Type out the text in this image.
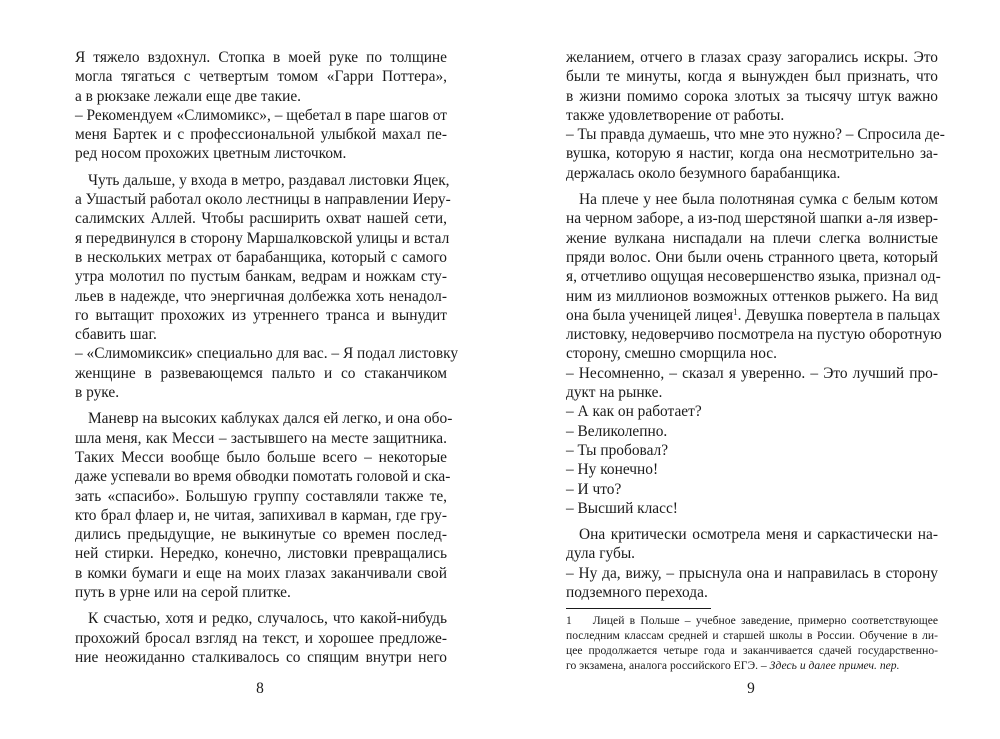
Я тяжело вздохнул. Стопка в моей руке по толщине
могла тягаться с четвертым томом «Гарри Поттера»,
а в рюкзаке лежали еще две такие.
– Рекомендуем «Слимомикс», – щебетал в паре шагов от
меня Бартек и с профессиональной улыбкой махал пе-
ред носом прохожих цветным листочком.
Чуть дальше, у входа в метро, раздавал листовки Яцек,
а Ушастый работал около лестницы в направлении Иеру-
салимских Аллей. Чтобы расширить охват нашей сети,
я передвинулся в сторону Маршалковской улицы и встал
в нескольких метрах от барабанщика, который с самого
утра молотил по пустым банкам, ведрам и ножкам сту-
льев в надежде, что энергичная долбежка хоть ненадол-
го вытащит прохожих из утреннего транса и вынудит
сбавить шаг.
– «Слимомиксик» специально для вас. – Я подал листовку
женщине в развевающемся пальто и со стаканчиком
в руке.
Маневр на высоких каблуках дался ей легко, и она обо-
шла меня, как Месси – застывшего на месте защитника.
Таких Месси вообще было больше всего – некоторые
даже успевали во время обводки помотать головой и ска-
зать «спасибо». Большую группу составляли также те,
кто брал флаер и, не читая, запихивал в карман, где гру-
дились предыдущие, не выкинутые со времен послед-
ней стирки. Нередко, конечно, листовки превращались
в комки бумаги и еще на моих глазах заканчивали свой
путь в урне или на серой плитке.
К счастью, хотя и редко, случалось, что какой-нибудь
прохожий бросал взгляд на текст, и хорошее предложе-
ние неожиданно сталкивалось со спящим внутри него
желанием, отчего в глазах сразу загорались искры. Это
были те минуты, когда я вынужден был признать, что
в жизни помимо сорока злотых за тысячу штук важно
также удовлетворение от работы.
– Ты правда думаешь, что мне это нужно? – Спросила де-
вушка, которую я настиг, когда она несмотрительно за-
держалась около безумного барабанщика.
На плече у нее была полотняная сумка с белым котом
на черном заборе, а из-под шерстяной шапки а-ля извер-
жение вулкана ниспадали на плечи слегка волнистые
пряди волос. Они были очень странного цвета, который
я, отчетливо ощущая несовершенство языка, признал од-
ним из миллионов возможных оттенков рыжего. На вид
она была ученицей лицея$^1$. Девушка повертела в пальцах
листовку, недоверчиво посмотрела на пустую оборотную
сторону, смешно сморщила нос.
– Несомненно, – сказал я уверенно. – Это лучший про-
дукт на рынке.
– А как он работает?
– Великолепно.
– Ты пробовал?
– Ну конечно!
– И что?
– Высший класс!
Она критически осмотрела меня и саркастически на-
дула губы.
– Ну да, вижу, – прыснула она и направилась в сторону
подземного перехода.
1 Лицей в Польше – учебное заведение, примерно соответствующее
последним классам средней и старшей школы в России. Обучение в ли-
цее продолжается четыре года и заканчивается сдачей государственно-
го экзамена, аналога российского ЕГЭ. – Здесь и далее примеч. пер.
8	9
